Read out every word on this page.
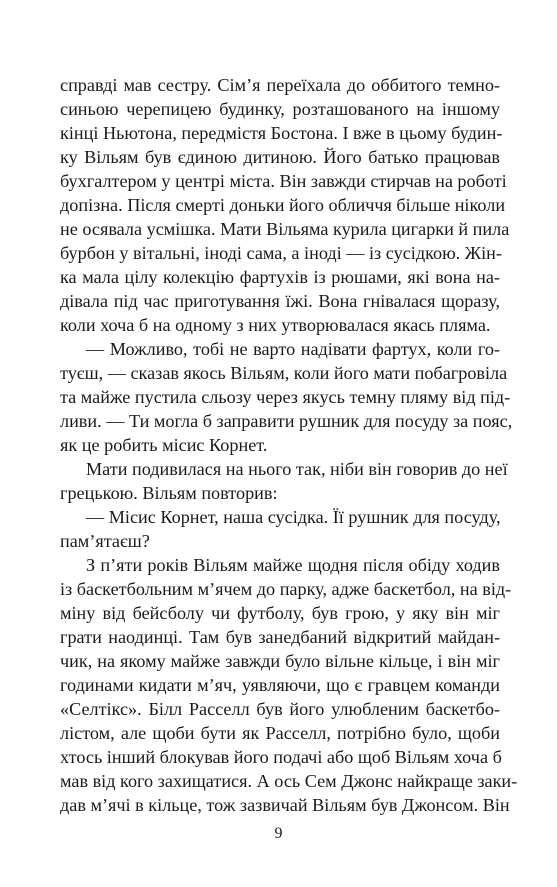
справді мав сестру. Сім’я переїхала до оббитого темно-
синьою черепицею будинку, розташованого на іншому
кінці Ньютона, передмістя Бостона. І вже в цьому будин-
ку Вільям був єдиною дитиною. Його батько працював
бухгалтером у центрі міста. Він завжди стирчав на роботі
допізна. Після смерті доньки його обличчя більше ніколи
не осявала усмішка. Мати Вільяма курила цигарки й пила
бурбон у вітальні, іноді сама, а іноді — із сусідкою. Жін-
ка мала цілу колекцію фартухів із рюшами, які вона на-
дівала під час приготування їжі. Вона гнівалася щоразу,
коли хоча б на одному з них утворювалася якась пляма.
— Можливо, тобі не варто надівати фартух, коли го-
туєш, — сказав якось Вільям, коли його мати побагровіла
та майже пустила сльозу через якусь темну пляму від під-
ливи. — Ти могла б заправити рушник для посуду за пояс,
як це робить місис Корнет.
Мати подивилася на нього так, ніби він говорив до неї
грецькою. Вільям повторив:
— Місис Корнет, наша сусідка. Її рушник для посуду,
пам’ятаєш?
З п’яти років Вільям майже щодня після обіду ходив
із баскетбольним м’ячем до парку, адже баскетбол, на від-
міну від бейсболу чи футболу, був грою, у яку він міг
грати наодинці. Там був занедбаний відкритий майдан-
чик, на якому майже завжди було вільне кільце, і він міг
годинами кидати м’яч, уявляючи, що є гравцем команди
«Селтікс». Білл Расселл був його улюбленим баскетбо-
лістом, але щоби бути як Расселл, потрібно було, щоби
хтось інший блокував його подачі або щоб Вільям хоча б
мав від кого захищатися. А ось Сем Джонс найкраще заки-
дав м’ячі в кільце, тож зазвичай Вільям був Джонсом. Він
9
